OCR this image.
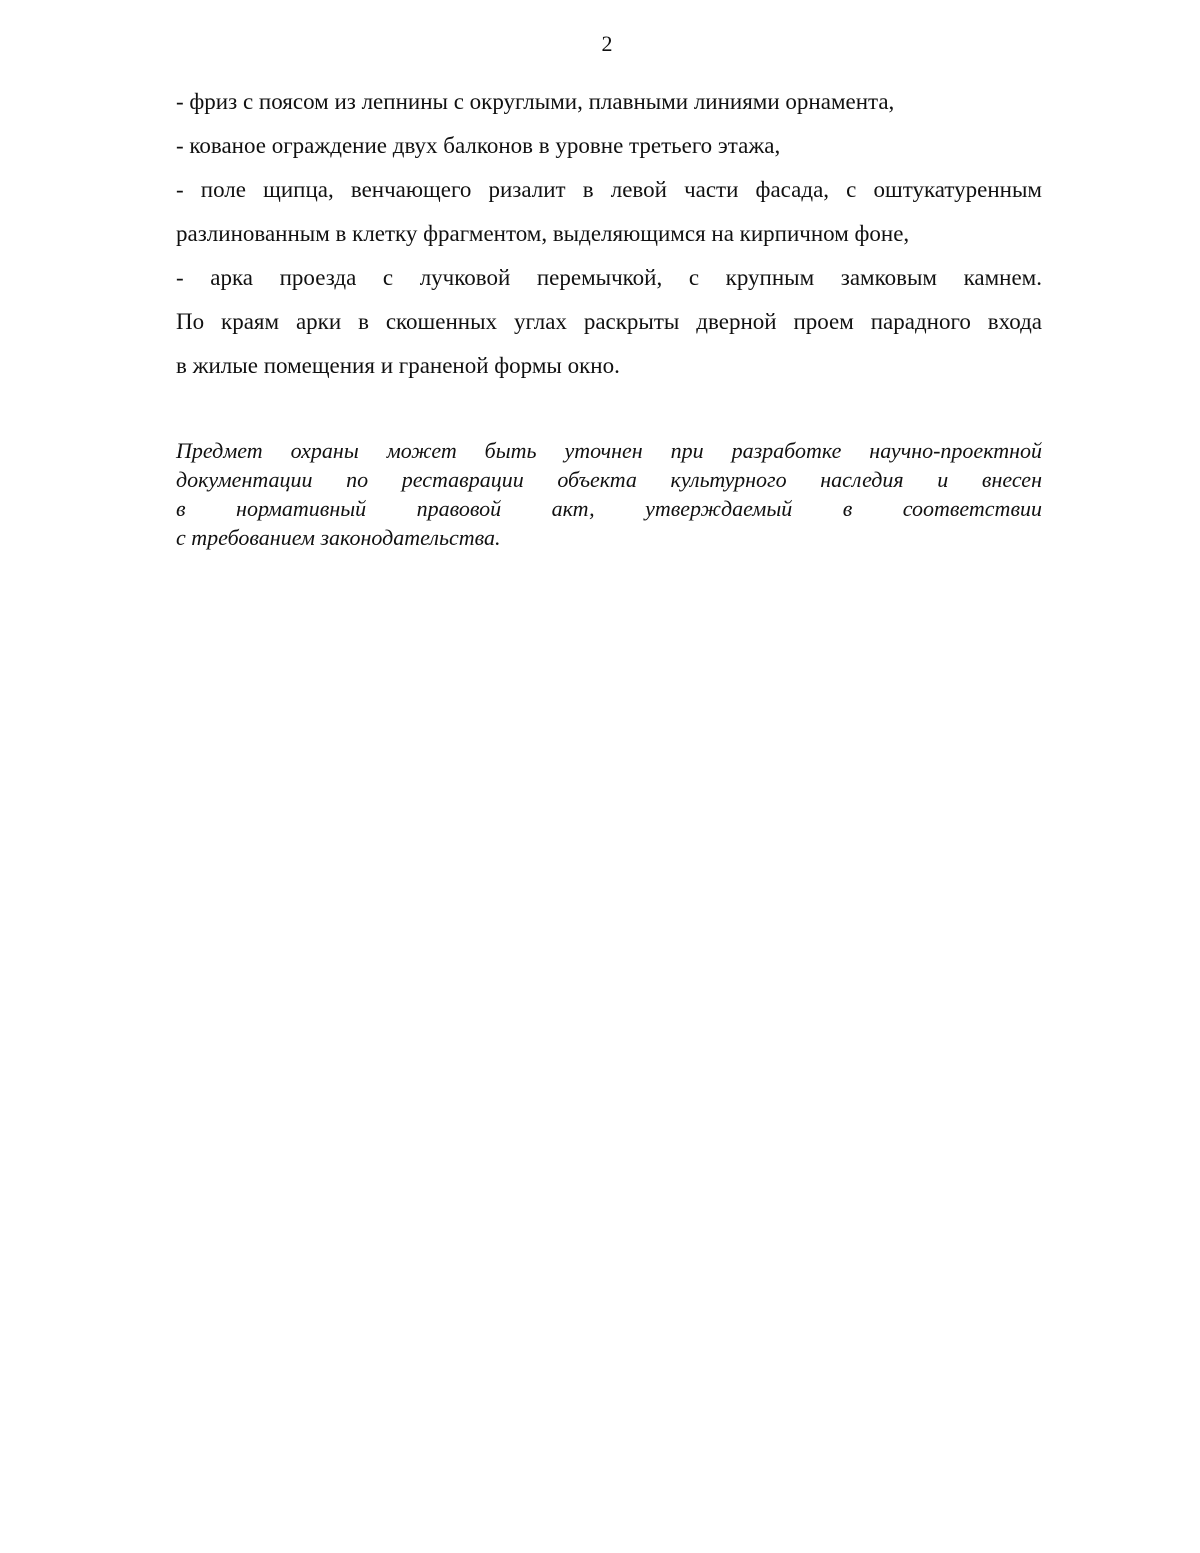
2
- фриз с поясом из лепнины с округлыми, плавными линиями орнамента,
- кованое ограждение двух балконов в уровне третьего этажа,
- поле щипца, венчающего ризалит в левой части фасада, с оштукатуренным
разлинованным в клетку фрагментом, выделяющимся на кирпичном фоне,
- арка проезда с лучковой перемычкой, с крупным замковым камнем.
По краям арки в скошенных углах раскрыты дверной проем парадного входа
в жилые помещения и граненой формы окно.
Предмет охраны может быть уточнен при разработке научно-проектной
документации по реставрации объекта культурного наследия и внесен
в нормативный правовой акт, утверждаемый в соответствии
с требованием законодательства.
